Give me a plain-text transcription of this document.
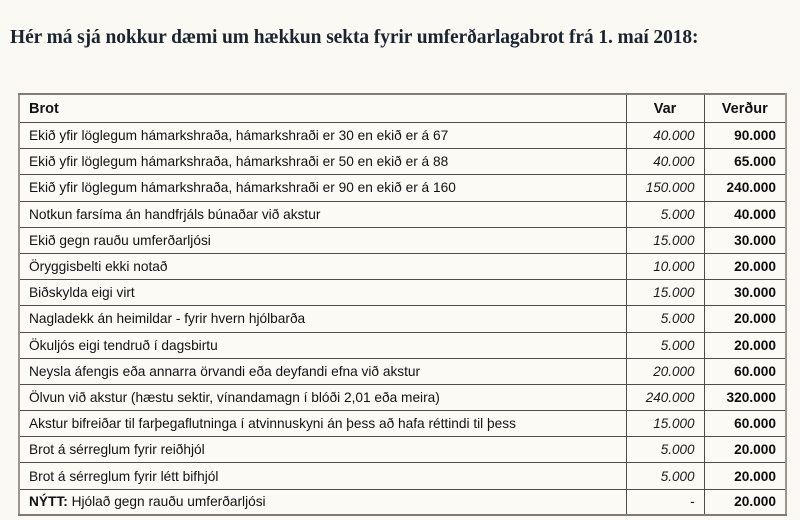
Hér má sjá nokkur dæmi um hækkun sekta fyrir umferðarlagabrot frá 1. maí 2018:
Brot	Var	Verður
Ekið yfir löglegum hámarkshraða, hámarkshraði er 30 en ekið er á 67	40.000	90.000
Ekið yfir löglegum hámarkshraða, hámarkshraði er 50 en ekið er á 88	40.000	65.000
Ekið yfir löglegum hámarkshraða, hámarkshraði er 90 en ekið er á 160	150.000	240.000
Notkun farsíma án handfrjáls búnaðar við akstur	5.000	40.000
Ekið gegn rauðu umferðarljósi	15.000	30.000
Öryggisbelti ekki notað	10.000	20.000
Biðskylda eigi virt	15.000	30.000
Nagladekk án heimildar - fyrir hvern hjólbarða	5.000	20.000
Ökuljós eigi tendruð í dagsbirtu	5.000	20.000
Neysla áfengis eða annarra örvandi eða deyfandi efna við akstur	20.000	60.000
Ölvun við akstur (hæstu sektir, vínandamagn í blóði 2,01 eða meira)	240.000	320.000
Akstur bifreiðar til farþegaflutninga í atvinnuskyni án þess að hafa réttindi til þess	15.000	60.000
Brot á sérreglum fyrir reiðhjól	5.000	20.000
Brot á sérreglum fyrir létt bifhjól	5.000	20.000
NÝTT: Hjólað gegn rauðu umferðarljósi	-	20.000
